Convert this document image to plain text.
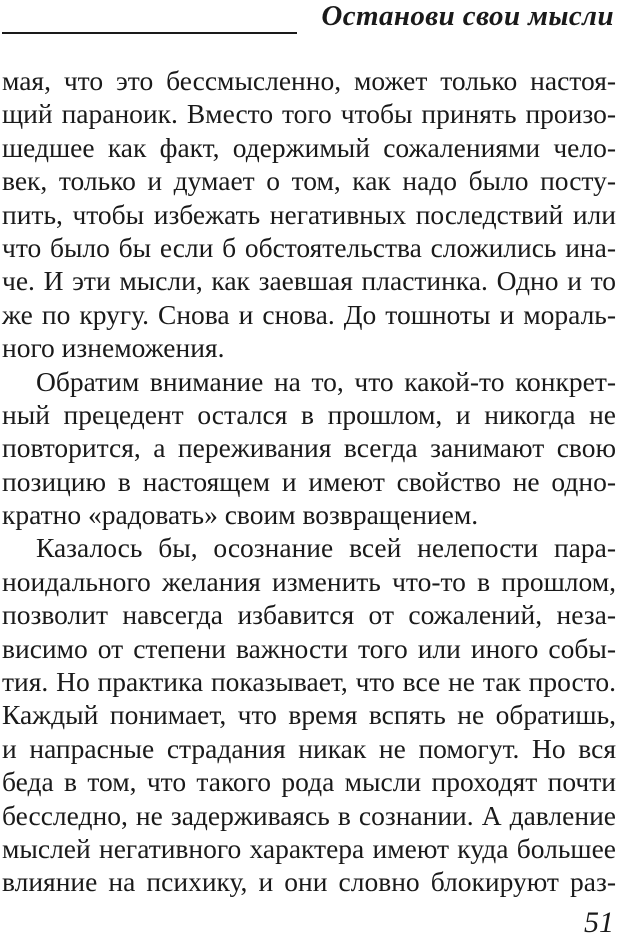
Останови свои мысли
мая, что это бессмысленно, может только настоя-
щий параноик. Вместо того чтобы принять произо-
шедшее как факт, одержимый сожалениями чело-
век, только и думает о том, как надо было посту-
пить, чтобы избежать негативных последствий или
что было бы если б обстоятельства сложились ина-
че. И эти мысли, как заевшая пластинка. Одно и то
же по кругу. Снова и снова. До тошноты и мораль-
ного изнеможения.
Обратим внимание на то, что какой-то конкрет-
ный прецедент остался в прошлом, и никогда не
повторится, а переживания всегда занимают свою
позицию в настоящем и имеют свойство не одно-
кратно «радовать» своим возвращением.
Казалось бы, осознание всей нелепости пара-
ноидального желания изменить что-то в прошлом,
позволит навсегда избавится от сожалений, неза-
висимо от степени важности того или иного собы-
тия. Но практика показывает, что все не так просто.
Каждый понимает, что время вспять не обратишь,
и напрасные страдания никак не помогут. Но вся
беда в том, что такого рода мысли проходят почти
бесследно, не задерживаясь в сознании. А давление
мыслей негативного характера имеют куда большее
влияние на психику, и они словно блокируют раз-
51
